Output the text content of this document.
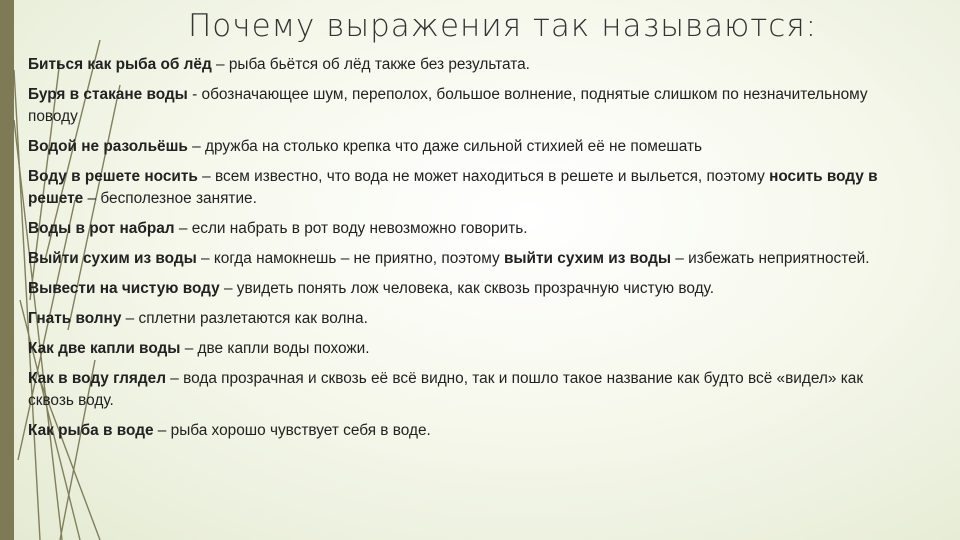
Почему выражения так называются:

Биться как рыба об лёд – рыба бьётся об лёд также без результата.

Буря в стакане воды - обозначающее шум, переполох, большое волнение, поднятые слишком по незначительному поводу

Водой не разольёшь – дружба на столько крепка что даже сильной стихией её не помешать

Воду в решете носить – всем известно, что вода не может находиться в решете и выльется, поэтому носить воду в решете – бесполезное занятие.

Воды в рот набрал – если набрать в рот воду невозможно говорить.

Выйти сухим из воды – когда намокнешь – не приятно, поэтому выйти сухим из воды – избежать неприятностей.

Вывести на чистую воду – увидеть понять лож человека, как сквозь прозрачную чистую воду.

Гнать волну – сплетни разлетаются как волна.

Как две капли воды – две капли воды похожи.

Как в воду глядел – вода прозрачная и сквозь её всё видно, так и пошло такое название как будто всё «видел» как сквозь воду.

Как рыба в воде – рыба хорошо чувствует себя в воде.
